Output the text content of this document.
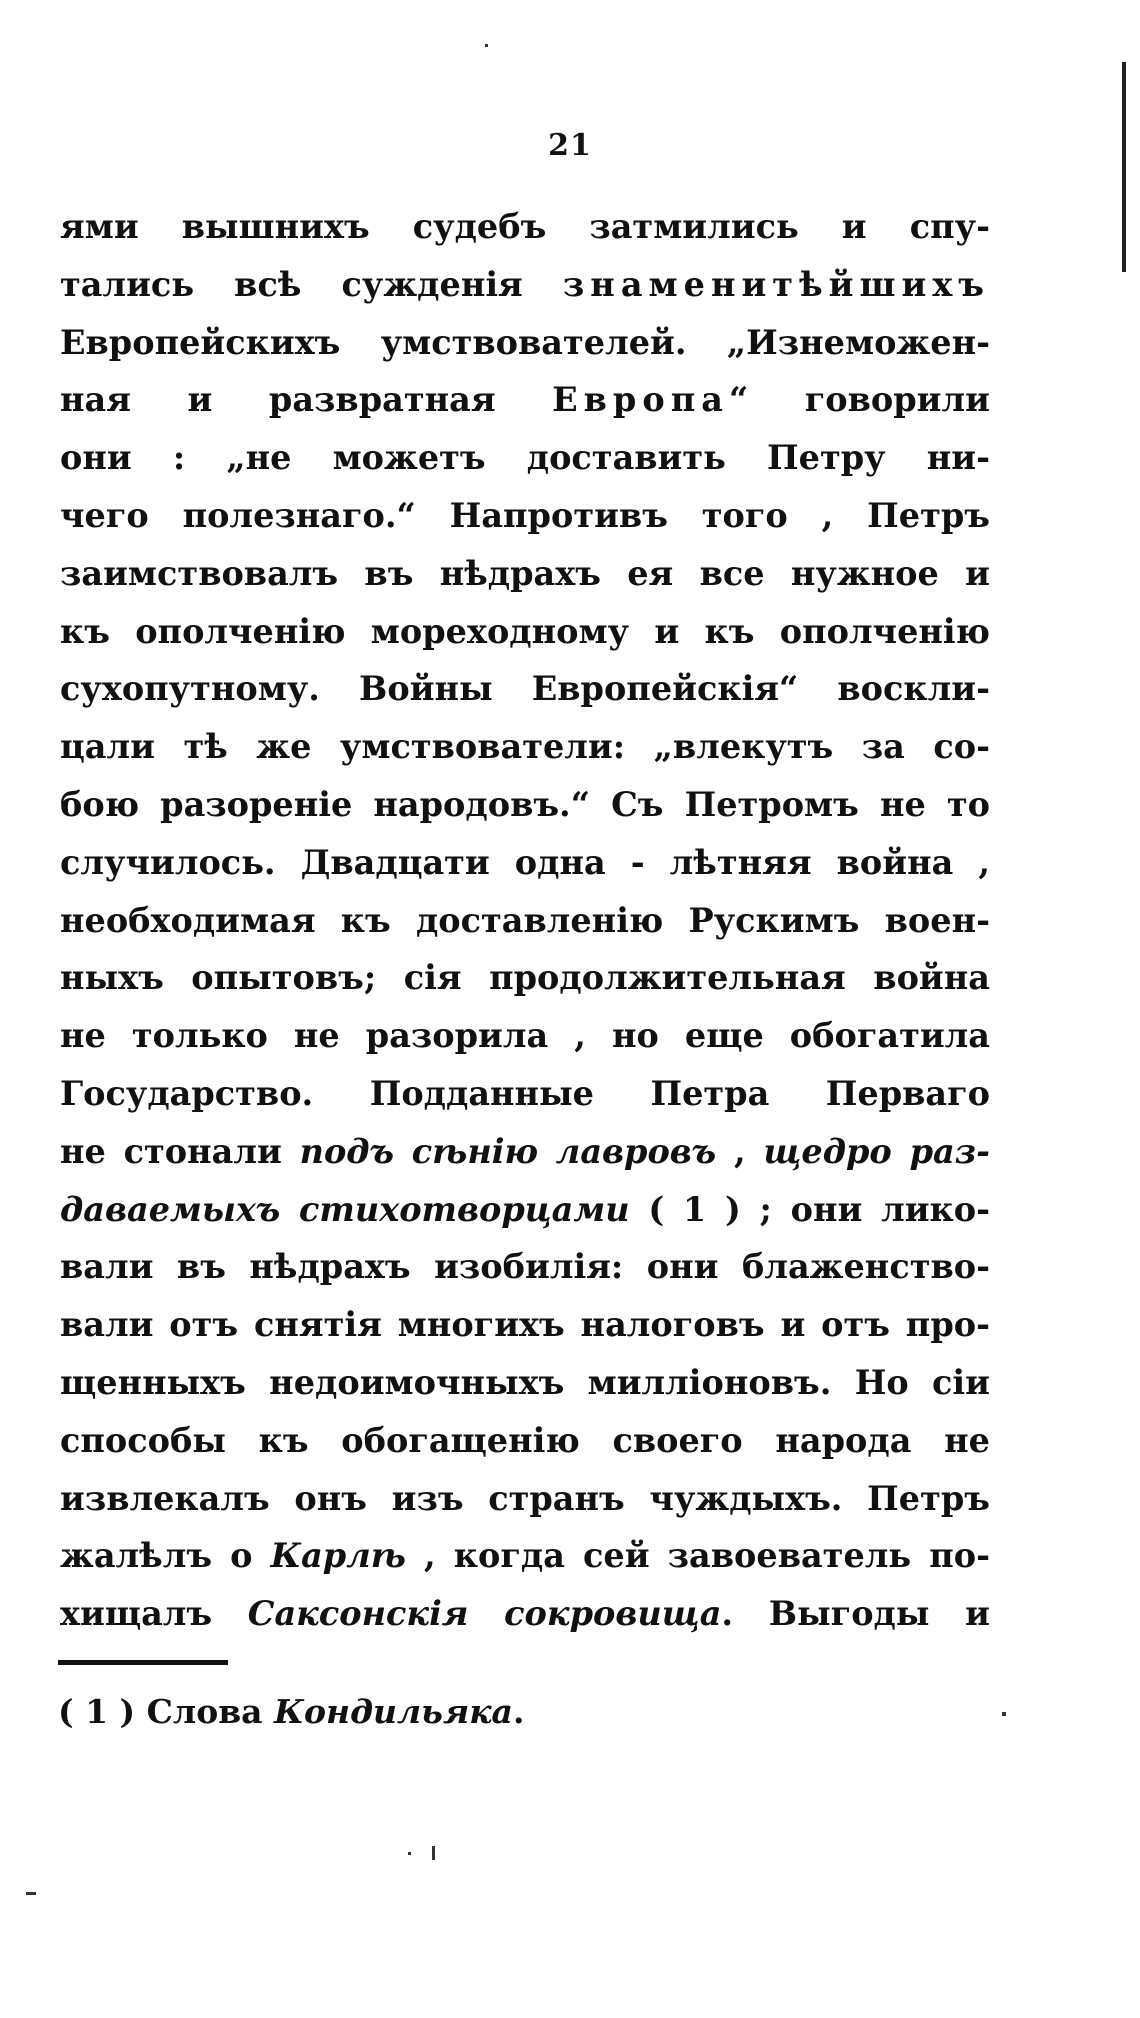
21
ями вышнихъ судебъ затмились и спу-
тались всѣ сужденія знаменитѣйшихъ
Европейскихъ умствователей. „Изнеможен-
ная и развратная Европа“ говорили
они : „не можетъ доставить Петру ни-
чего полезнаго.“ Напротивъ того , Петръ
заимствовалъ въ нѣдрахъ ея все нужное и
къ ополченію мореходному и къ ополченію
сухопутному. Войны Европейскія“ воскли-
цали тѣ же умствователи: „влекутъ за со-
бою разореніе народовъ.“ Съ Петромъ не то
случилось. Двадцати одна - лѣтняя война ,
необходимая къ доставленію Рускимъ воен-
ныхъ опытовъ; сія продолжительная война
не только не разорила , но еще обогатила
Государство. Подданные Петра Перваго
не стонали подъ сѣнію лавровъ , щедро раз-
даваемыхъ стихотворцами ( 1 ) ; они лико-
вали въ нѣдрахъ изобилія: они блаженство-
вали отъ снятія многихъ налоговъ и отъ про-
щенныхъ недоимочныхъ милліоновъ. Но сіи
способы къ обогащенію своего народа не
извлекалъ онъ изъ странъ чуждыхъ. Петръ
жалѣлъ о Карлѣ , когда сей завоеватель по-
хищалъ Саксонскія сокровища. Выгоды и
( 1 ) Слова Кондильяка.
